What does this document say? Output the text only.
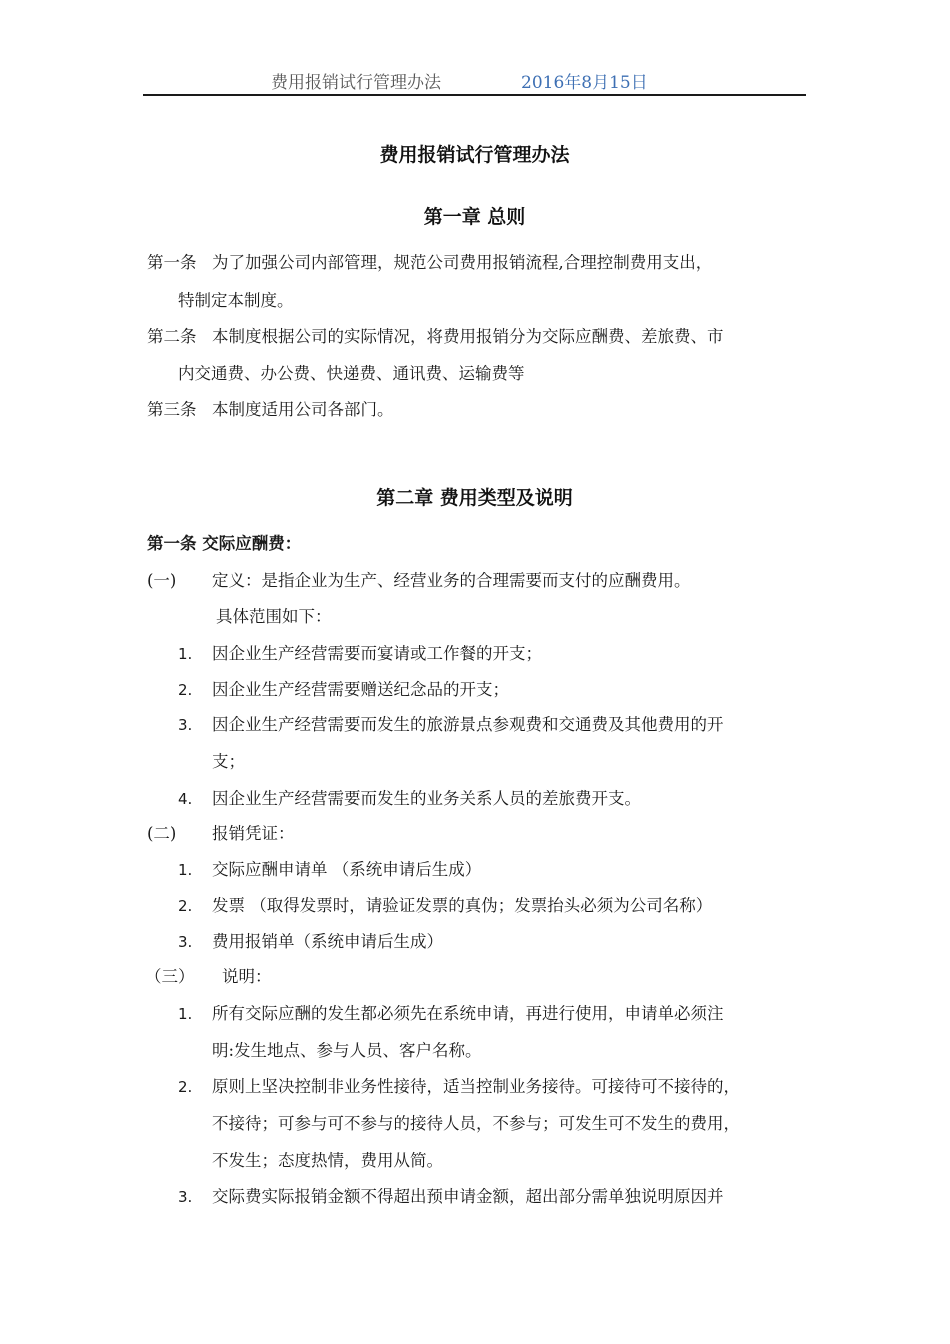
费用报销试行管理办法	2016年8月15日
费用报销试行管理办法
第一章 总则
第一条 为了加强公司内部管理，规范公司费用报销流程,合理控制费用支出，
特制定本制度。
第二条 本制度根据公司的实际情况，将费用报销分为交际应酬费、差旅费、市
内交通费、办公费、快递费、通讯费、运输费等
第三条 本制度适用公司各部门。
第二章 费用类型及说明
第一条 交际应酬费：
(一) 定义：是指企业为生产、经营业务的合理需要而支付的应酬费用。
具体范围如下：
1. 因企业生产经营需要而宴请或工作餐的开支；
2. 因企业生产经营需要赠送纪念品的开支；
3. 因企业生产经营需要而发生的旅游景点参观费和交通费及其他费用的开
支；
4. 因企业生产经营需要而发生的业务关系人员的差旅费开支。
(二) 报销凭证：
1. 交际应酬申请单 （系统申请后生成）
2. 发票 （取得发票时，请验证发票的真伪；发票抬头必须为公司名称）
3. 费用报销单（系统申请后生成）
（三） 说明：
1. 所有交际应酬的发生都必须先在系统申请，再进行使用，申请单必须注
明:发生地点、参与人员、客户名称。
2. 原则上坚决控制非业务性接待，适当控制业务接待。可接待可不接待的，
不接待；可参与可不参与的接待人员，不参与；可发生可不发生的费用，
不发生；态度热情，费用从简。
3. 交际费实际报销金额不得超出预申请金额，超出部分需单独说明原因并
